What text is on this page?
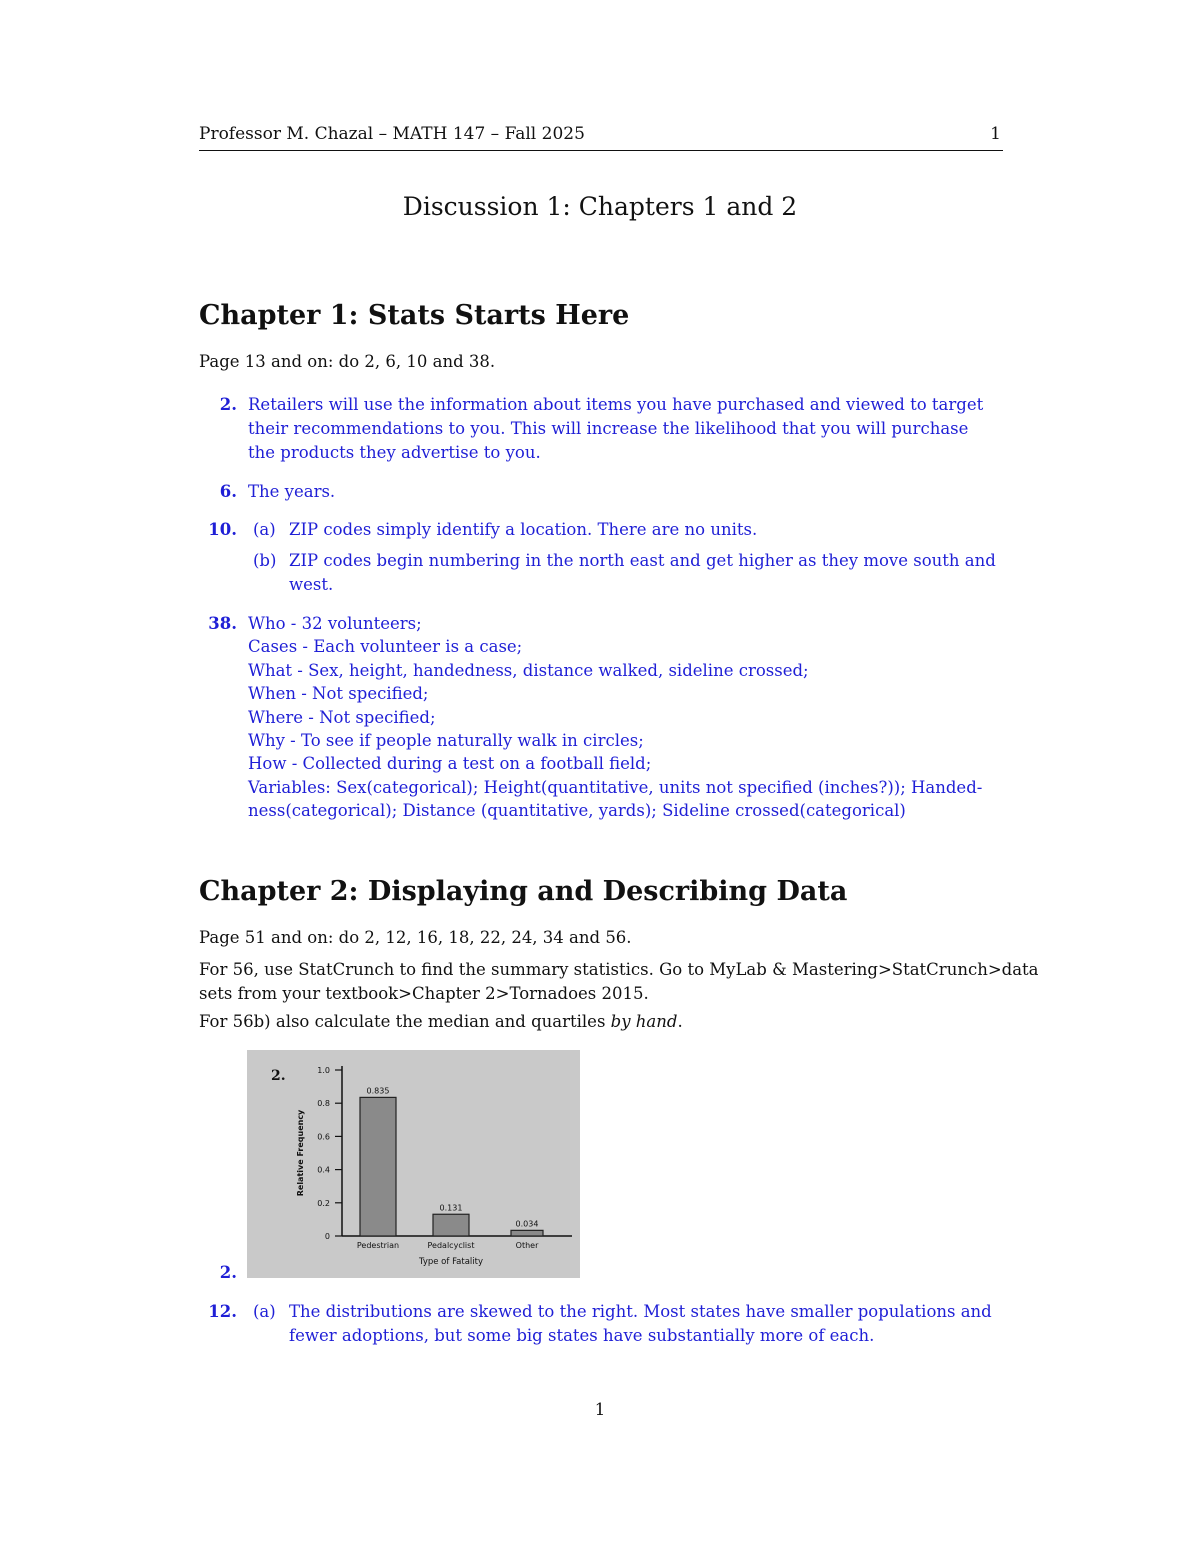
Professor M. Chazal – MATH 147 – Fall 2025	1
Discussion 1: Chapters 1 and 2
Chapter 1: Stats Starts Here
Page 13 and on: do 2, 6, 10 and 38.
2. Retailers will use the information about items you have purchased and viewed to target
their recommendations to you. This will increase the likelihood that you will purchase
the products they advertise to you.
6. The years.
10. (a) ZIP codes simply identify a location. There are no units.
(b) ZIP codes begin numbering in the north east and get higher as they move south and
west.
38. Who - 32 volunteers;
Cases - Each volunteer is a case;
What - Sex, height, handedness, distance walked, sideline crossed;
When - Not specified;
Where - Not specified;
Why - To see if people naturally walk in circles;
How - Collected during a test on a football field;
Variables: Sex(categorical); Height(quantitative, units not specified (inches?)); Handed-
ness(categorical); Distance (quantitative, yards); Sideline crossed(categorical)
Chapter 2: Displaying and Describing Data
Page 51 and on: do 2, 12, 16, 18, 22, 24, 34 and 56.
For 56, use StatCrunch to find the summary statistics. Go to MyLab & Mastering>StatCrunch>data
sets from your textbook>Chapter 2>Tornadoes 2015.
For 56b) also calculate the median and quartiles by hand.
2.
2.
0
0.2
0.4
0.6
0.8
1.0
Relative Frequency
0.835
Pedestrian
0.131
Pedalcyclist
0.034
Other
Type of Fatality
12. (a) The distributions are skewed to the right. Most states have smaller populations and
fewer adoptions, but some big states have substantially more of each.
1
